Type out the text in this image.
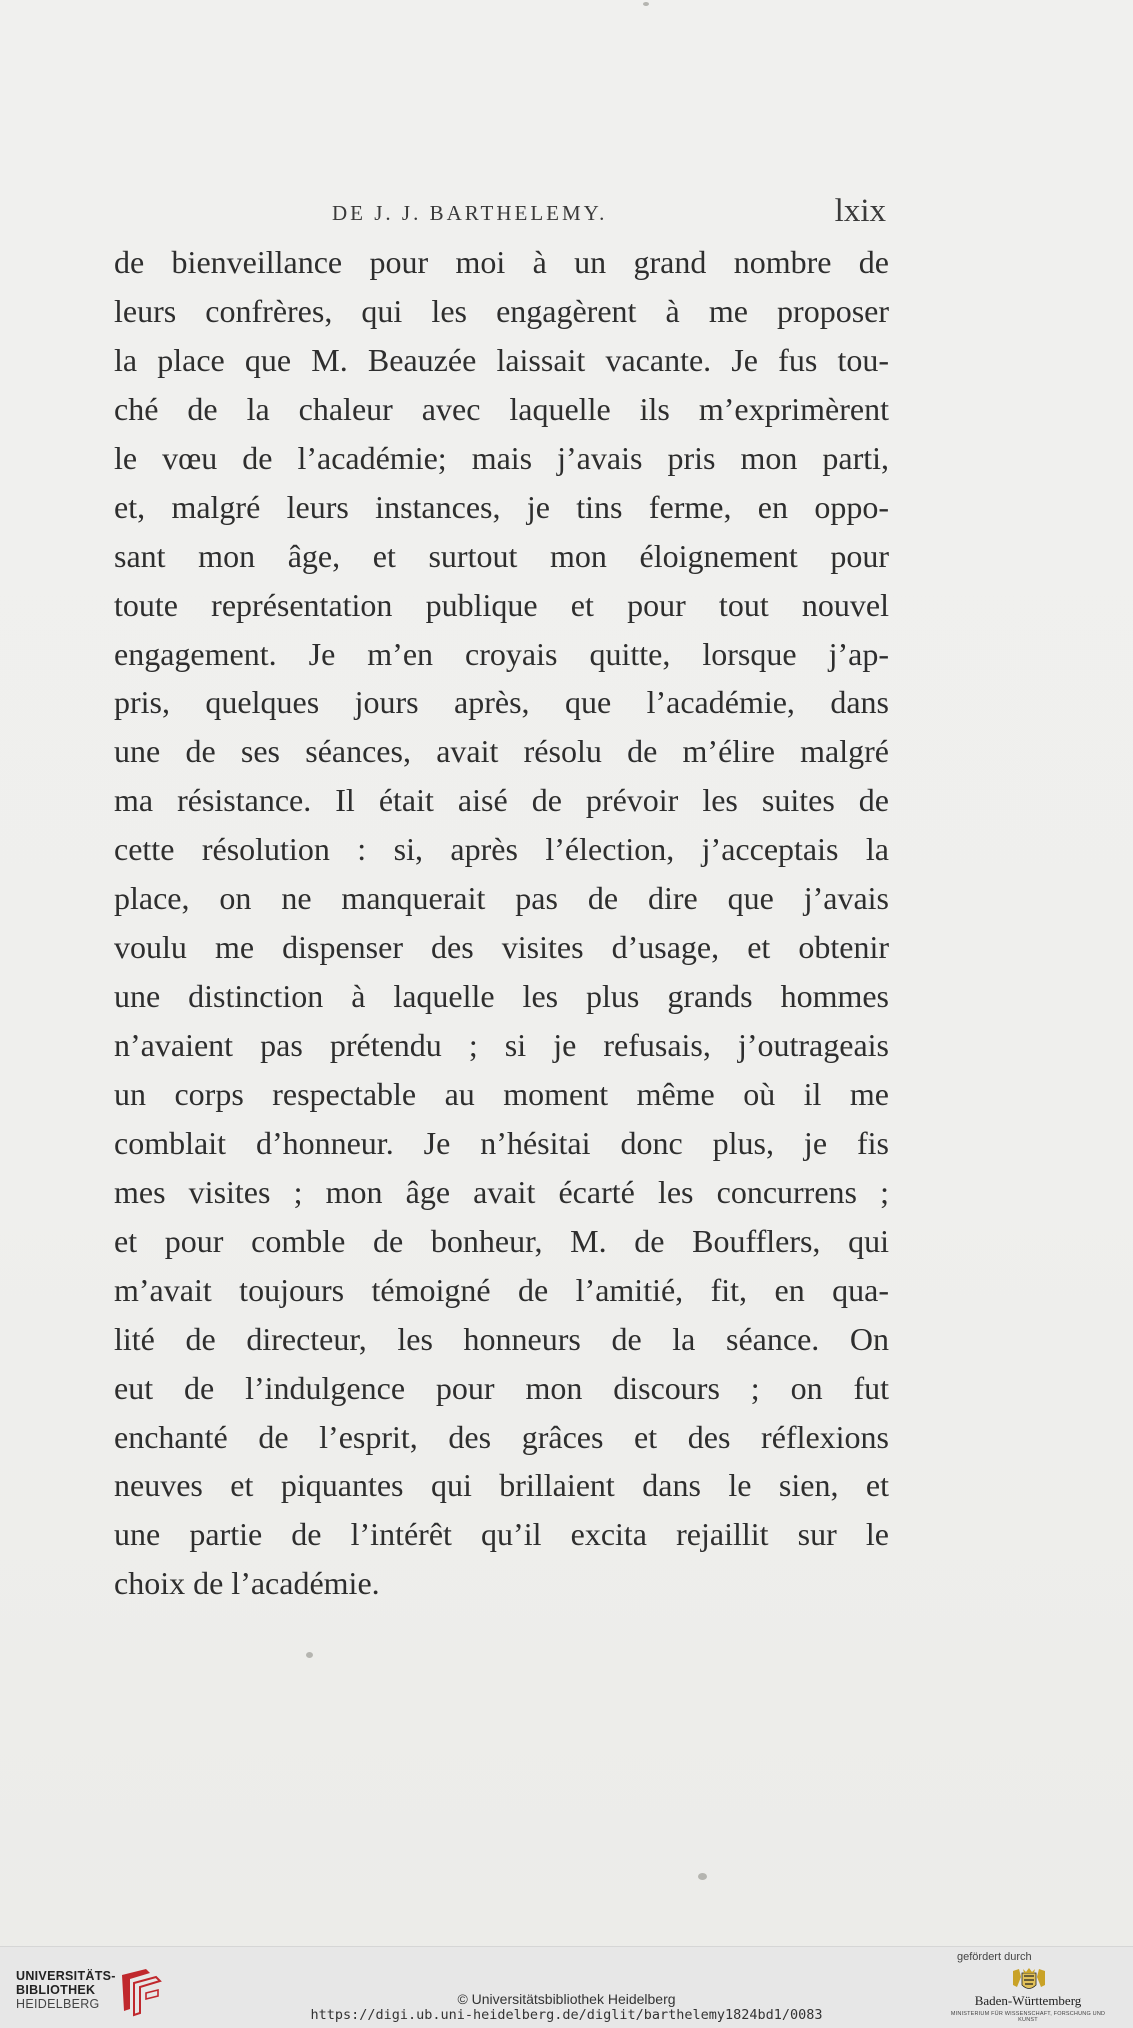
DE J. J. BARTHELEMY.	lxix
de bienveillance pour moi à un grand nombre de
leurs confrères, qui les engagèrent à me proposer
la place que M. Beauzée laissait vacante. Je fus tou-
ché de la chaleur avec laquelle ils m’exprimèrent
le vœu de l’académie; mais j’avais pris mon parti,
et, malgré leurs instances, je tins ferme, en oppo-
sant mon âge, et surtout mon éloignement pour
toute représentation publique et pour tout nouvel
engagement. Je m’en croyais quitte, lorsque j’ap-
pris, quelques jours après, que l’académie, dans
une de ses séances, avait résolu de m’élire malgré
ma résistance. Il était aisé de prévoir les suites de
cette résolution : si, après l’élection, j’acceptais la
place, on ne manquerait pas de dire que j’avais
voulu me dispenser des visites d’usage, et obtenir
une distinction à laquelle les plus grands hommes
n’avaient pas prétendu ; si je refusais, j’outrageais
un corps respectable au moment même où il me
comblait d’honneur. Je n’hésitai donc plus, je fis
mes visites ; mon âge avait écarté les concurrens ;
et pour comble de bonheur, M. de Boufflers, qui
m’avait toujours témoigné de l’amitié, fit, en qua-
lité de directeur, les honneurs de la séance. On
eut de l’indulgence pour mon discours ; on fut
enchanté de l’esprit, des grâces et des réflexions
neuves et piquantes qui brillaient dans le sien, et
une partie de l’intérêt qu’il excita rejaillit sur le
choix de l’académie.
UNIVERSITÄTS-
BIBLIOTHEK
HEIDELBERG	© Universitätsbibliothek Heidelberg
https://digi.ub.uni-heidelberg.de/diglit/barthelemy1824bd1/0083
gefördert durch
Baden-Württemberg
MINISTERIUM FÜR WISSENSCHAFT, FORSCHUNG UND KUNST
